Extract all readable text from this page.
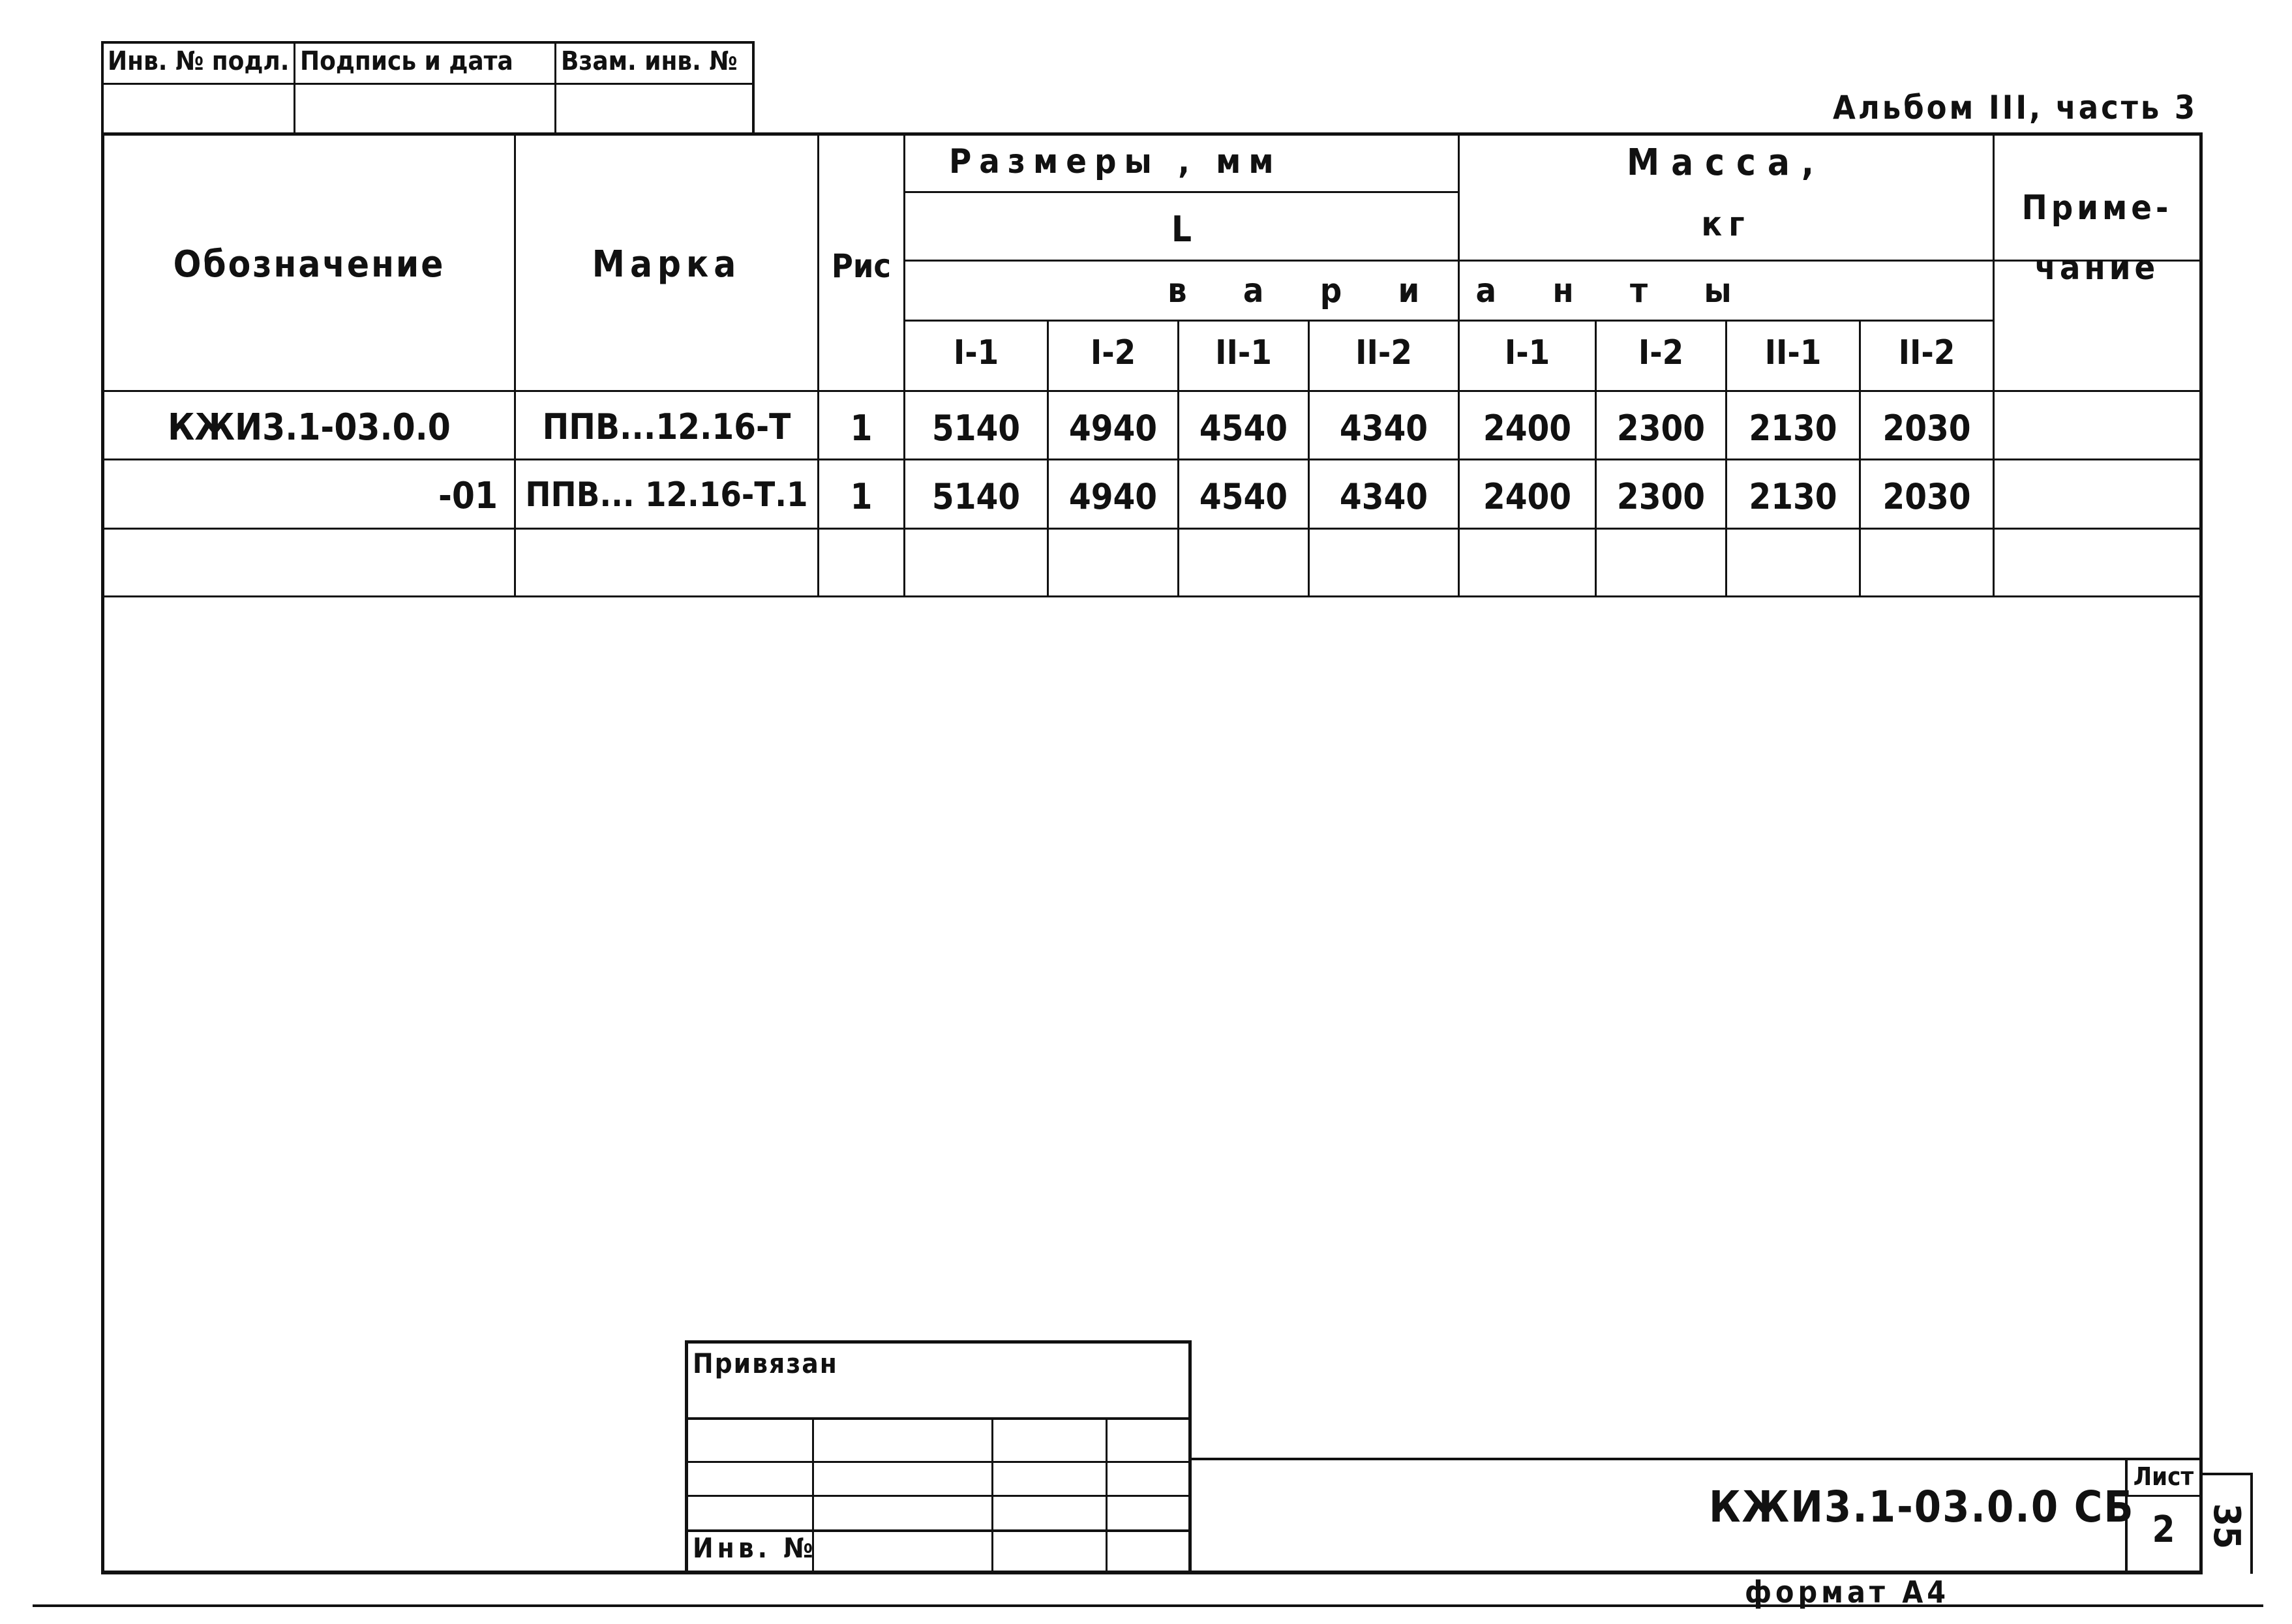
Инв. № подл. Подпись и дата Взам. инв. №
Альбом III, часть 3
Обозначение	Марка	Рис
Размеры , мм
L
Масса,
кг
в а р и а н т ы
Приме-
чание
I-1	I-2	II-1	II-2	I-1	I-2	II-1	II-2
КЖИ3.1-03.0.0	ППВ...12.16-Т	1	5140	4940	4540	4340	2400	2300	2130	2030
-01 ППВ... 12.16-Т.1	1	5140	4940	4540	4340	2400	2300	2130	2030
Привязан
Инв. №
КЖИ3.1-03.0.0 СБ
Лист
2 35
формат А4
